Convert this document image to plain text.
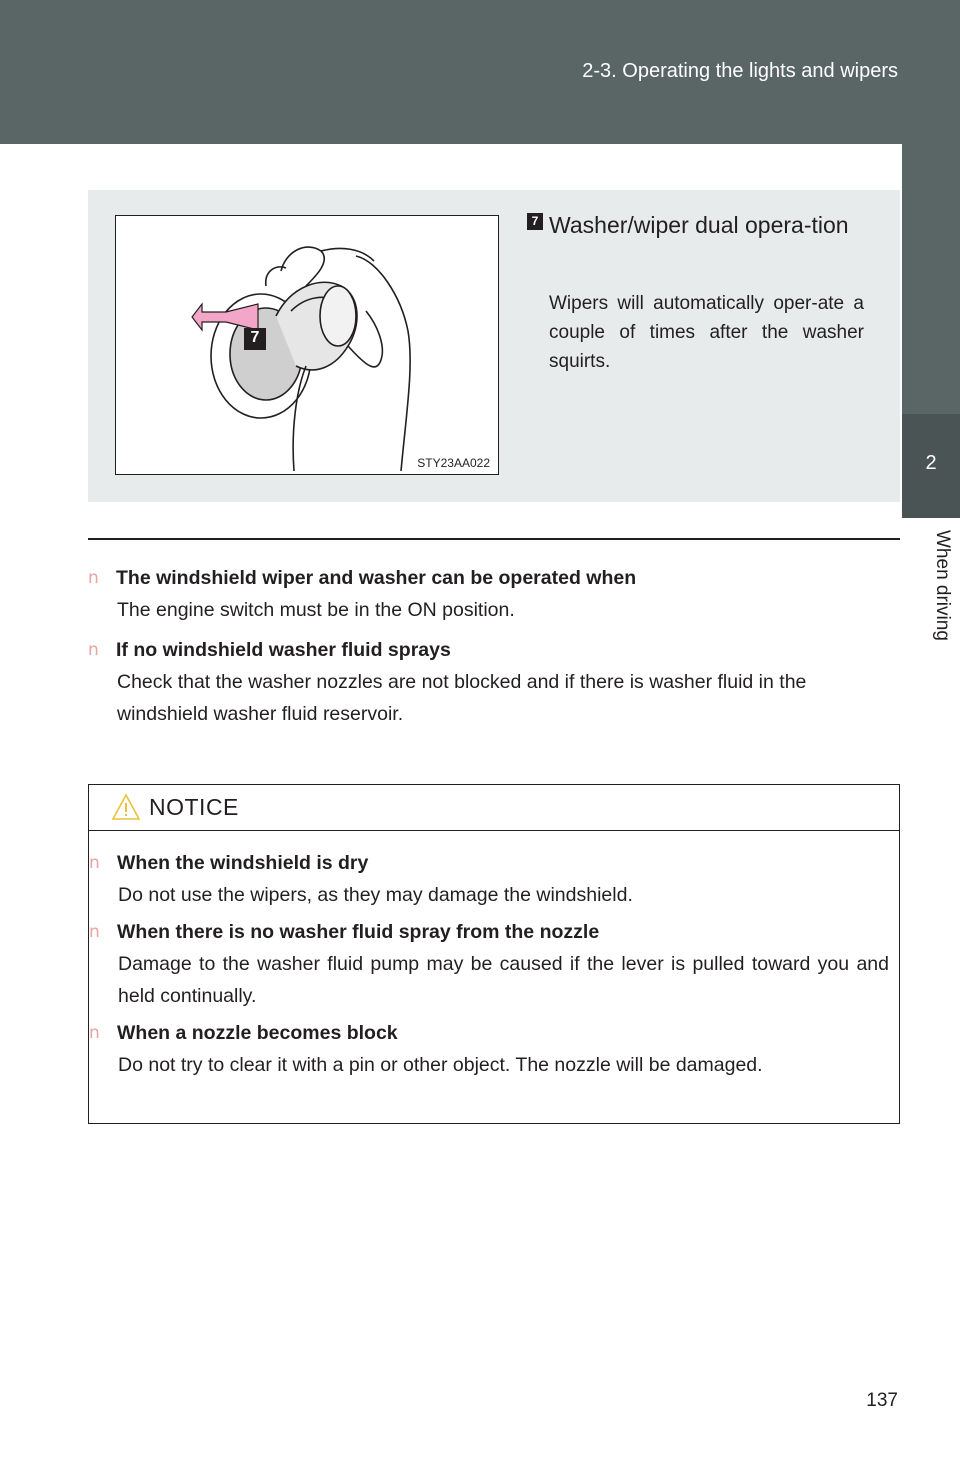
2-3. Operating the lights and wipers
2
When driving
7
STY23AA022
7 Washer/wiper dual opera-tion
Wipers will automatically oper-ate a couple of times after the washer squirts.
n The windshield wiper and washer can be operated when
The engine switch must be in the ON position.
n If no windshield washer fluid sprays
Check that the washer nozzles are not blocked and if there is washer fluid in the windshield washer fluid reservoir.
NOTICE
n When the windshield is dry
Do not use the wipers, as they may damage the windshield.
n When there is no washer fluid spray from the nozzle
Damage to the washer fluid pump may be caused if the lever is pulled toward you and held continually.
n When a nozzle becomes block
Do not try to clear it with a pin or other object. The nozzle will be damaged.
137
